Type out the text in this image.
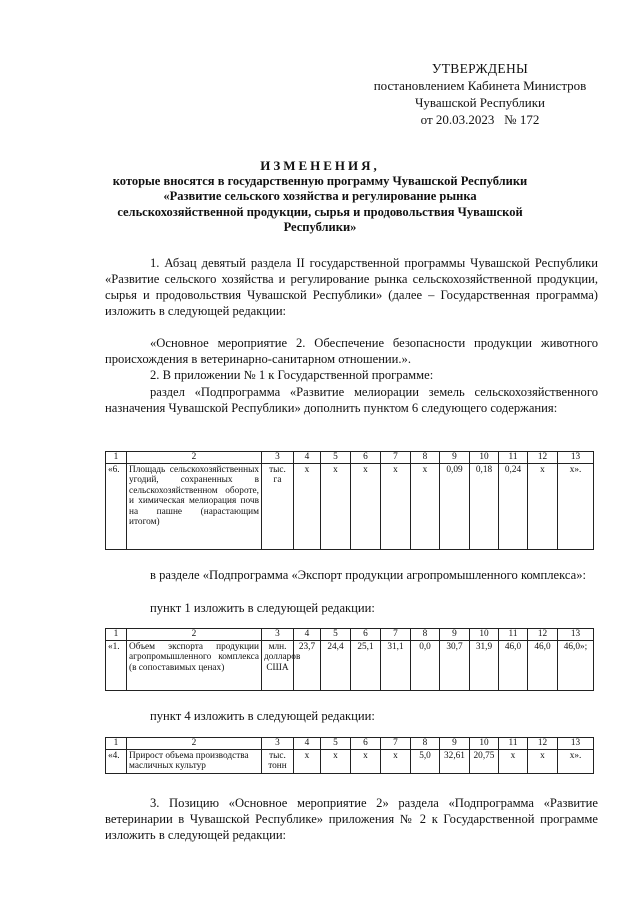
УТВЕРЖДЕНЫ
постановлением Кабинета Министров
Чувашской Республики
от 20.03.2023   № 172
ИЗМЕНЕНИЯ,
которые вносятся в государственную программу Чувашской Республики «Развитие сельского хозяйства и регулирование рынка сельскохозяйственной продукции, сырья и продовольствия Чувашской Республики»
1. Абзац девятый раздела II государственной программы Чувашской Республики «Развитие сельского хозяйства и регулирование рынка сельскохозяйственной продукции, сырья и продовольствия Чувашской Республики» (далее – Государственная программа) изложить в следующей редакции:
«Основное мероприятие 2. Обеспечение безопасности продукции животного происхождения в ветеринарно-санитарном отношении.».
2. В приложении № 1 к Государственной программе:
раздел «Подпрограмма «Развитие мелиорации земель сельскохозяйственного назначения Чувашской Республики» дополнить пунктом 6 следующего содержания:
1	2	3	4	5	6	7	8	9	10	11	12	13
«6.	Площадь сельскохозяйственных угодий, сохраненных в сельскохозяйственном обороте, и химическая мелиорация почв на пашне (нарастающим итогом)	тыс. га	х	х	х	х	х	0,09	0,18	0,24	х	х».
в разделе «Подпрограмма «Экспорт продукции агропромышленного комплекса»:
пункт 1 изложить в следующей редакции:
1	2	3	4	5	6	7	8	9	10	11	12	13
«1.	Объем экспорта продукции агропромышленного комплекса (в сопоставимых ценах)	млн. долларов США	23,7	24,4	25,1	31,1	0,0	30,7	31,9	46,0	46,0	46,0»;
пункт 4 изложить в следующей редакции:
1	2	3	4	5	6	7	8	9	10	11	12	13
«4.	Прирост объема производства масличных культур	тыс. тонн	х	х	х	х	5,0	32,61	20,75	х	х	х».
3. Позицию «Основное мероприятие 2» раздела «Подпрограмма «Развитие ветеринарии в Чувашской Республике» приложения № 2 к Государственной программе изложить в следующей редакции:
